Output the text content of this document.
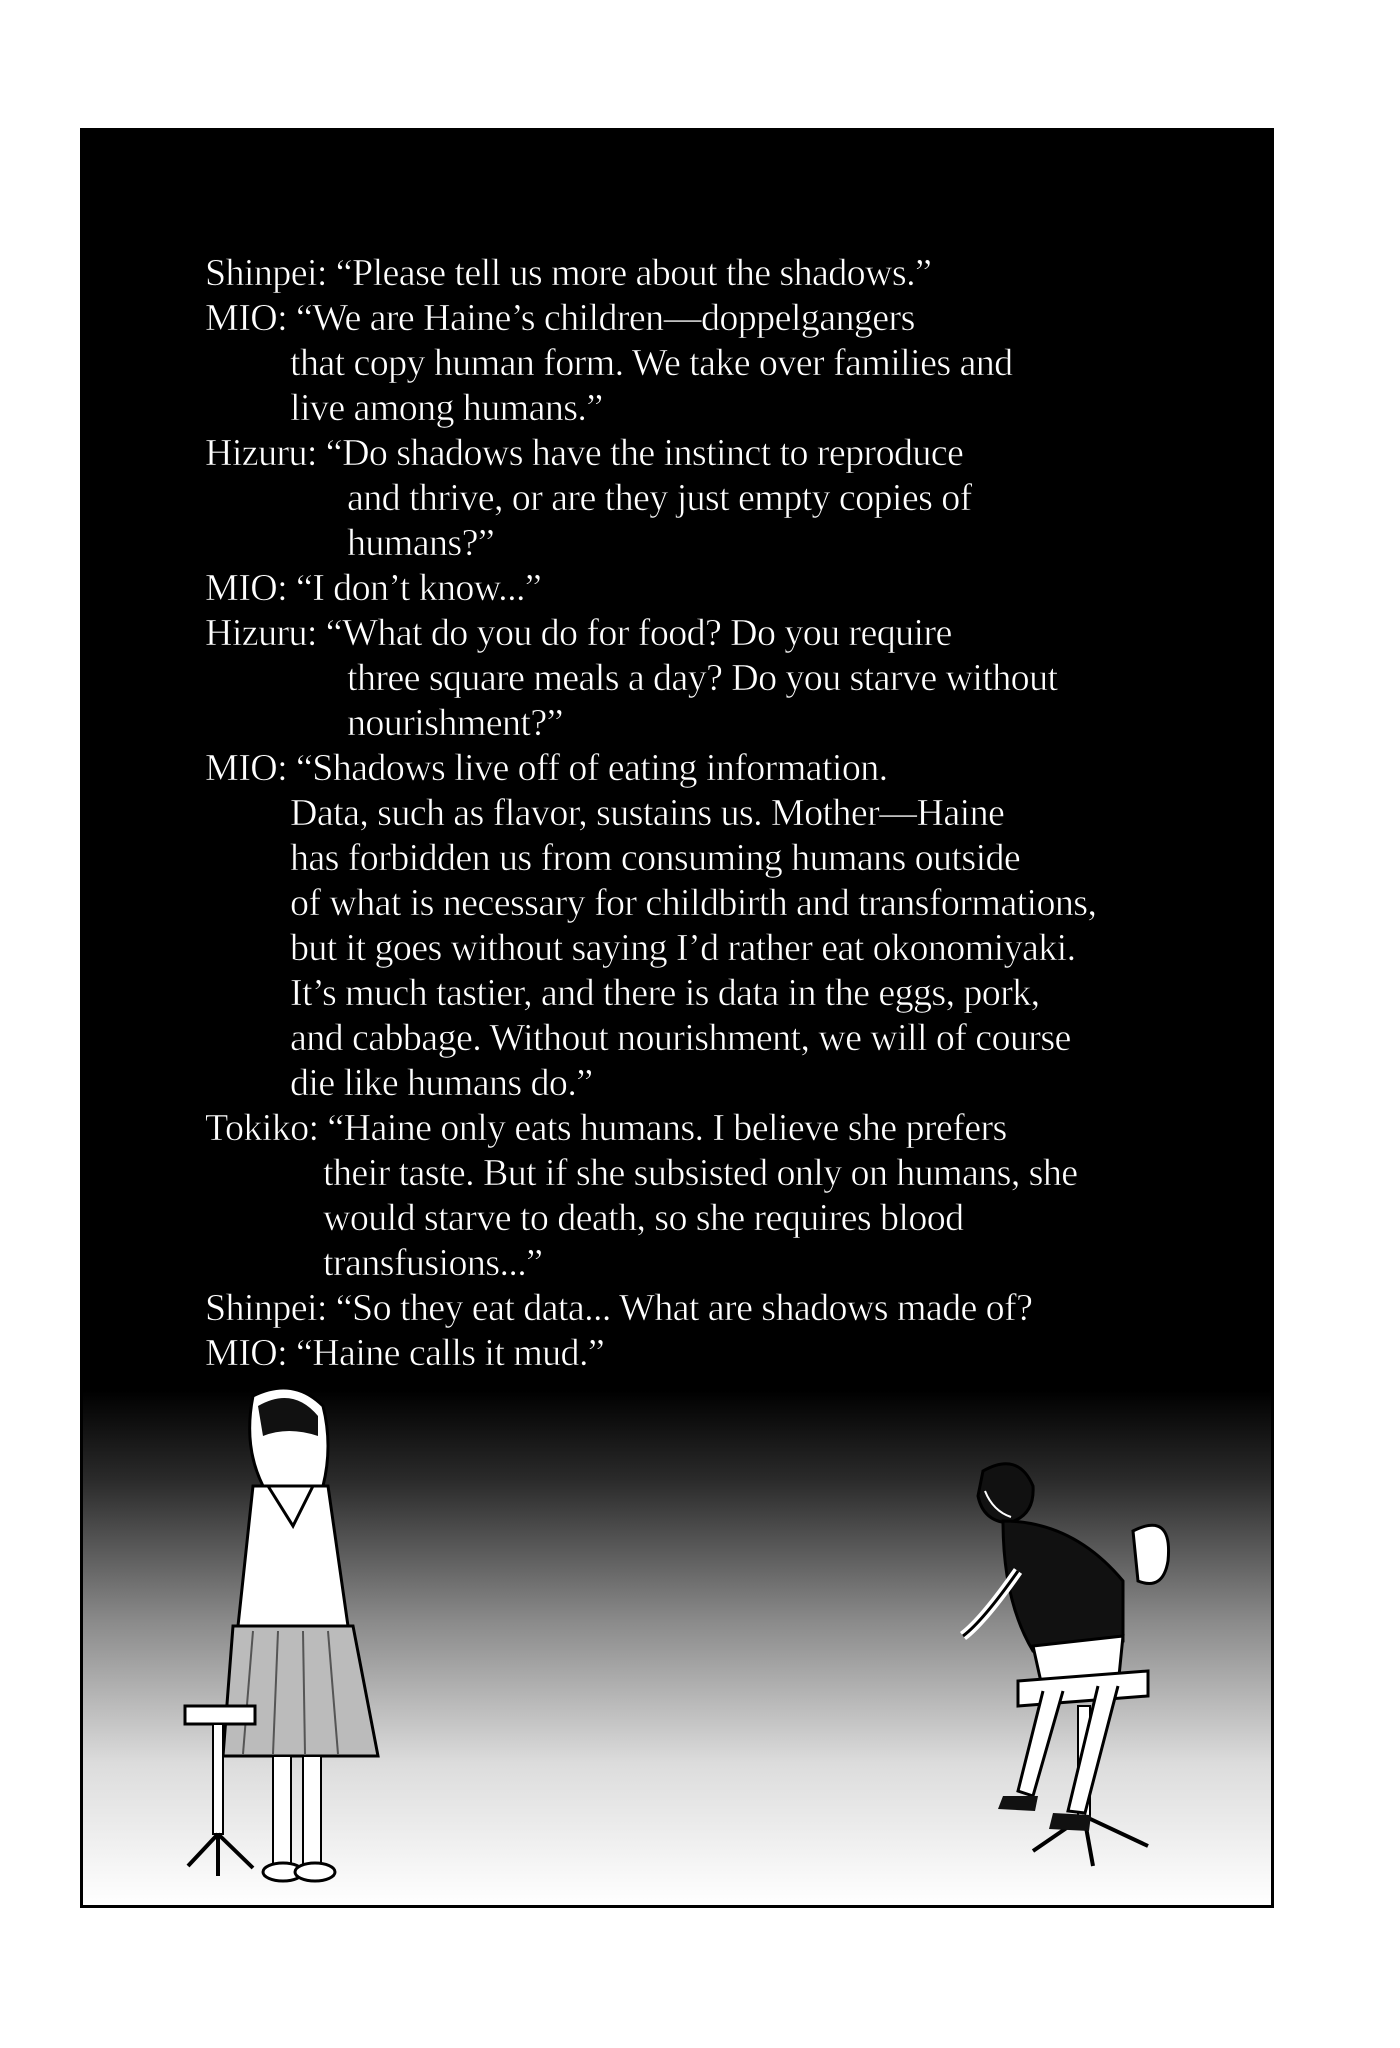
Shinpei: “Please tell us more about the shadows.”
MIO: “We are Haine’s children—doppelgangers
that copy human form. We take over families and
live among humans.”
Hizuru: “Do shadows have the instinct to reproduce
and thrive, or are they just empty copies of
humans?”
MIO: “I don’t know...”
Hizuru: “What do you do for food? Do you require
three square meals a day? Do you starve without
nourishment?”
MIO: “Shadows live off of eating information.
Data, such as flavor, sustains us. Mother—Haine
has forbidden us from consuming humans outside
of what is necessary for childbirth and transformations,
but it goes without saying I’d rather eat okonomiyaki.
It’s much tastier, and there is data in the eggs, pork,
and cabbage. Without nourishment, we will of course
die like humans do.”
Tokiko: “Haine only eats humans. I believe she prefers
their taste. But if she subsisted only on humans, she
would starve to death, so she requires blood
transfusions...”
Shinpei: “So they eat data... What are shadows made of?
MIO: “Haine calls it mud.”
